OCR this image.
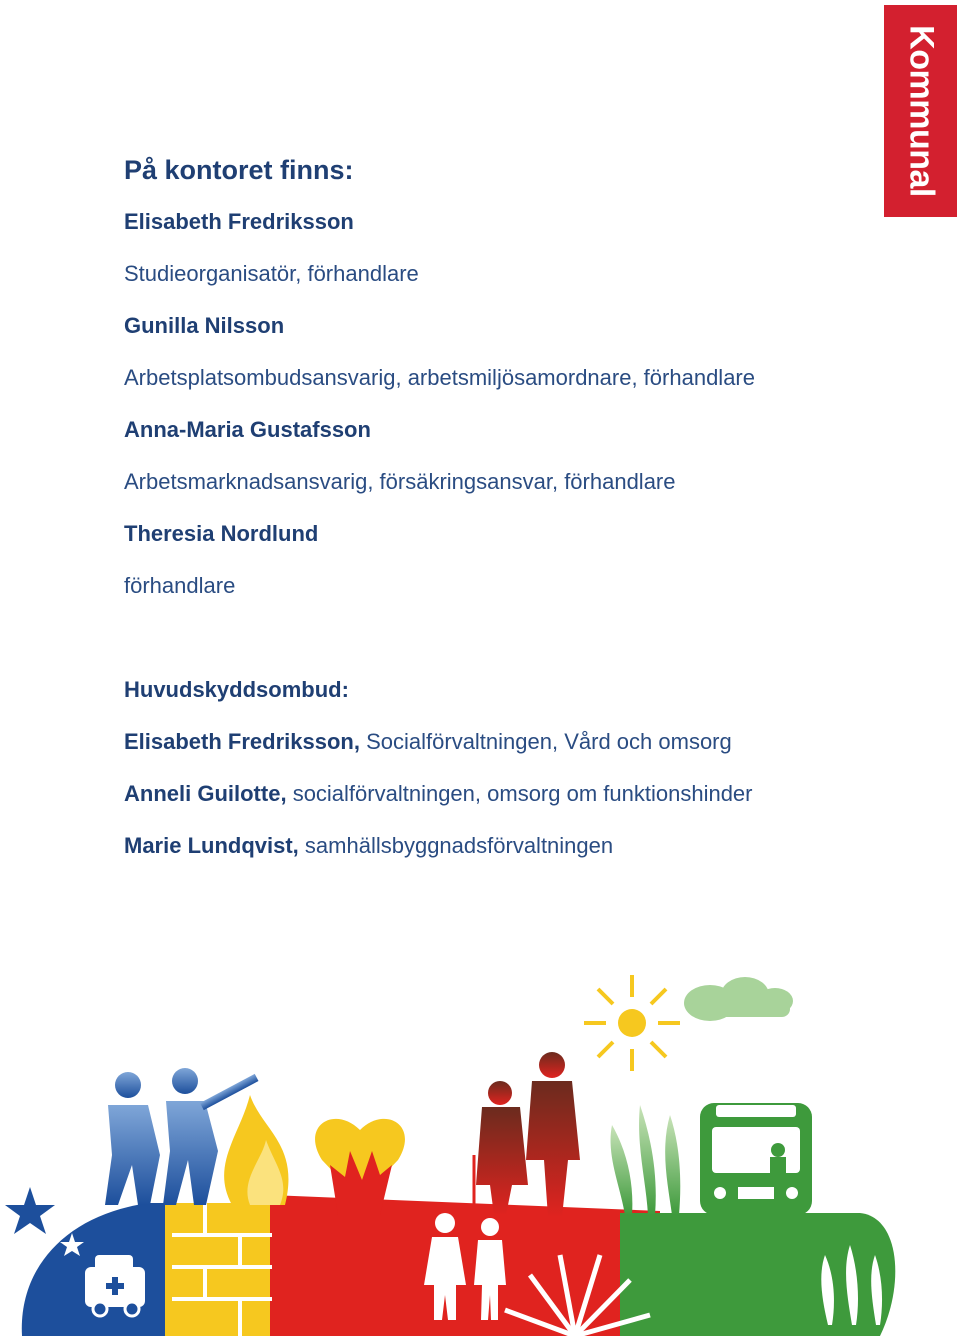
Kommunal
På kontoret finns:
Elisabeth Fredriksson
Studieorganisatör, förhandlare
Gunilla Nilsson
Arbetsplatsombudsansvarig, arbetsmiljösamordnare, förhandlare
Anna-Maria Gustafsson
Arbetsmarknadsansvarig, försäkringsansvar, förhandlare
Theresia Nordlund
förhandlare
Huvudskyddsombud:
Elisabeth Fredriksson, Socialförvaltningen, Vård och omsorg
Anneli Guilotte, socialförvaltningen, omsorg om funktionshinder
Marie Lundqvist, samhällsbyggnadsförvaltningen
